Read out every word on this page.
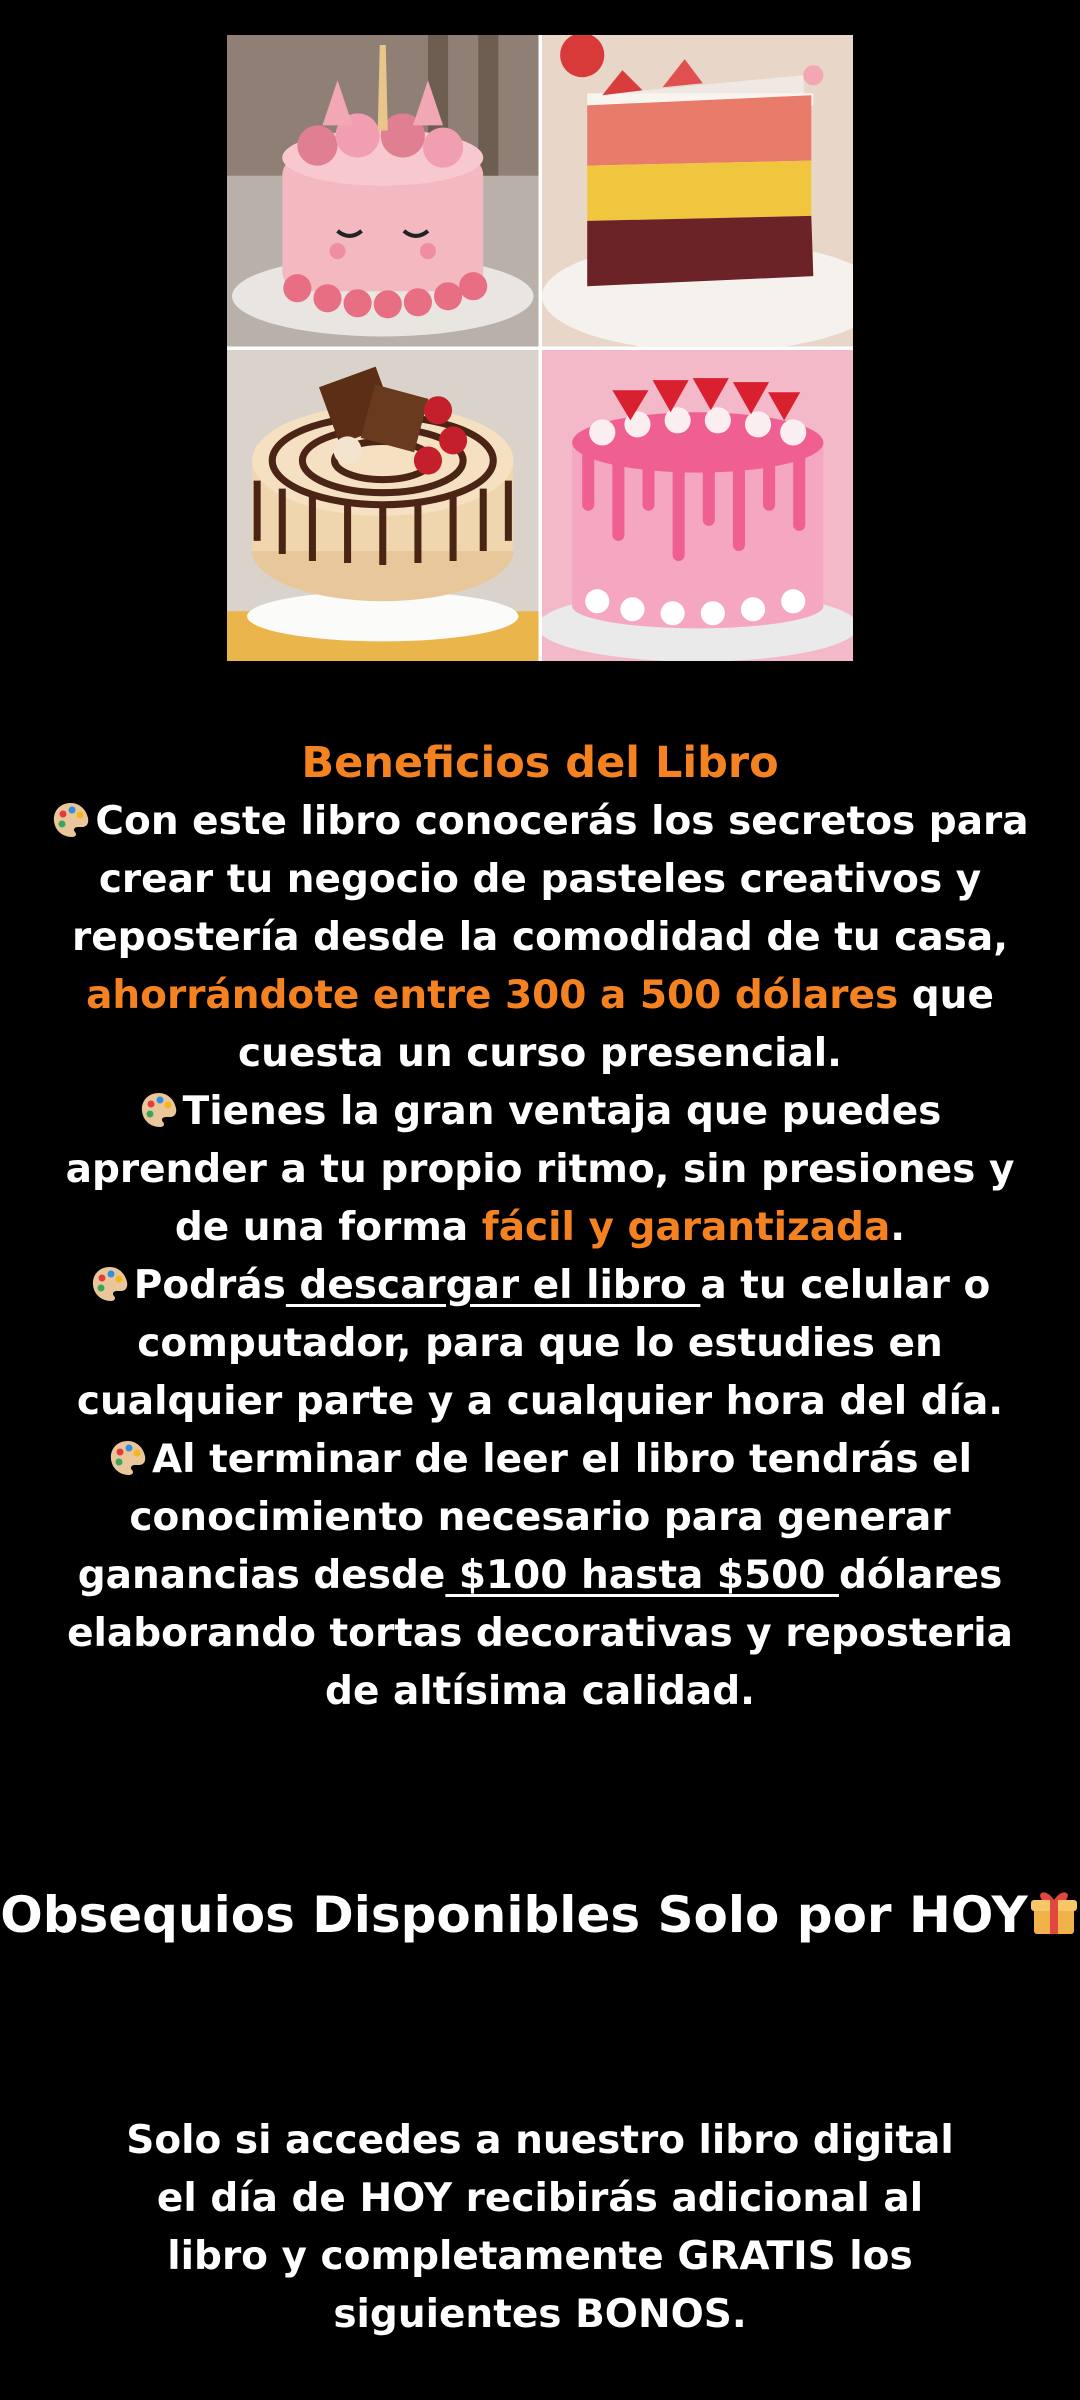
Beneficios del Libro
Con este libro conocerás los secretos para crear tu negocio de pasteles creativos y repostería desde la comodidad de tu casa, ahorrándote entre 300 a 500 dólares que cuesta un curso presencial.
Tienes la gran ventaja que puedes aprender a tu propio ritmo, sin presiones y de una forma fácil y garantizada.
Podrás descargar el libro a tu celular o computador, para que lo estudies en cualquier parte y a cualquier hora del día.
Al terminar de leer el libro tendrás el conocimiento necesario para generar ganancias desde $100 hasta $500 dólares elaborando tortas decorativas y reposteria de altísima calidad.
Obsequios Disponibles Solo por HOY
Solo si accedes a nuestro libro digital el día de HOY recibirás adicional al libro y completamente GRATIS los siguientes BONOS.
